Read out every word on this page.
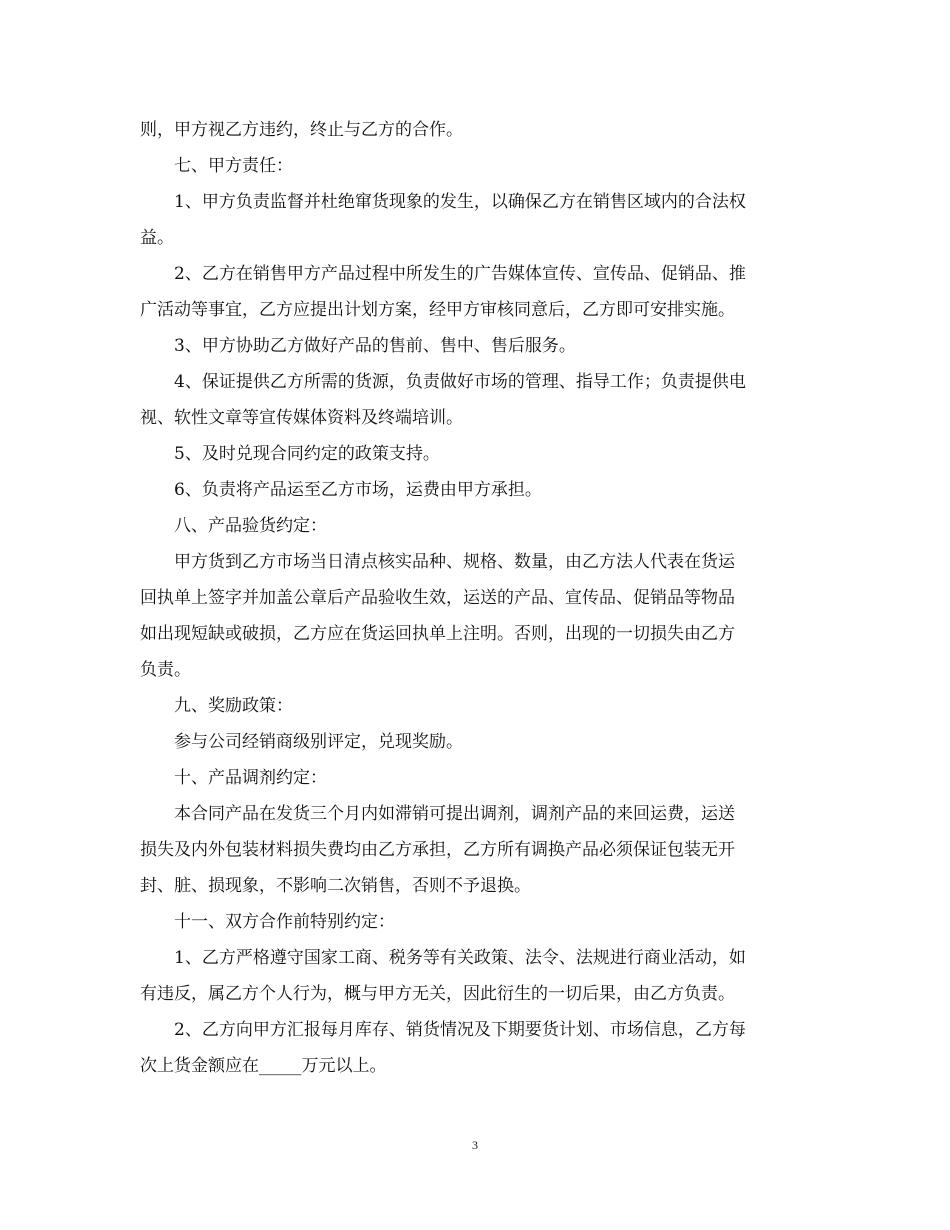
则，甲方视乙方违约，终止与乙方的合作。
七、甲方责任：
1、甲方负责监督并杜绝窜货现象的发生，以确保乙方在销售区域内的合法权
益。
2、乙方在销售甲方产品过程中所发生的广告媒体宣传、宣传品、促销品、推
广活动等事宜，乙方应提出计划方案，经甲方审核同意后，乙方即可安排实施。
3、甲方协助乙方做好产品的售前、售中、售后服务。
4、保证提供乙方所需的货源，负责做好市场的管理、指导工作；负责提供电
视、软性文章等宣传媒体资料及终端培训。
5、及时兑现合同约定的政策支持。
6、负责将产品运至乙方市场，运费由甲方承担。
八、产品验货约定：
甲方货到乙方市场当日清点核实品种、规格、数量，由乙方法人代表在货运
回执单上签字并加盖公章后产品验收生效，运送的产品、宣传品、促销品等物品
如出现短缺或破损，乙方应在货运回执单上注明。否则，出现的一切损失由乙方
负责。
九、奖励政策：
参与公司经销商级别评定，兑现奖励。
十、产品调剂约定：
本合同产品在发货三个月内如滞销可提出调剂，调剂产品的来回运费，运送
损失及内外包装材料损失费均由乙方承担，乙方所有调换产品必须保证包装无开
封、脏、损现象，不影响二次销售，否则不予退换。
十一、双方合作前特别约定：
1、乙方严格遵守国家工商、税务等有关政策、法令、法规进行商业活动，如
有违反，属乙方个人行为，概与甲方无关，因此衍生的一切后果，由乙方负责。
2、乙方向甲方汇报每月库存、销货情况及下期要货计划、市场信息，乙方每
次上货金额应在_____万元以上。
3
